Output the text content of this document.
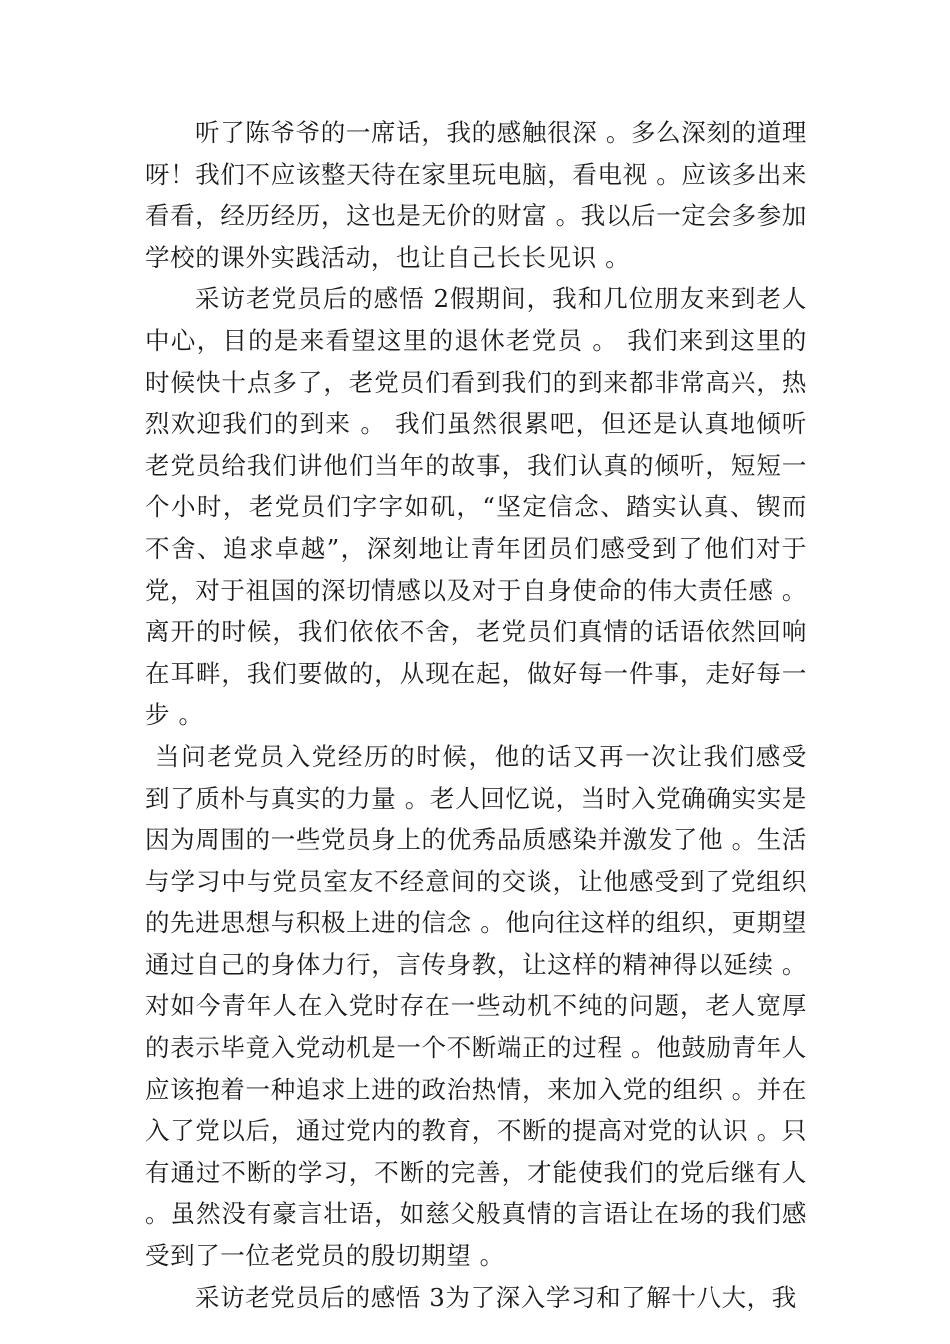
听了陈爷爷的一席话，我的感触很深 。多么深刻的道理呀！我们不应该整天待在家里玩电脑，看电视 。应该多出来看看，经历经历，这也是无价的财富 。我以后一定会多参加学校的课外实践活动，也让自己长长见识 。

采访老党员后的感悟 2假期间，我和几位朋友来到老人中心，目的是来看望这里的退休老党员 。 我们来到这里的时候快十点多了，老党员们看到我们的到来都非常高兴，热烈欢迎我们的到来 。 我们虽然很累吧，但还是认真地倾听老党员给我们讲他们当年的故事，我们认真的倾听，短短一个小时，老党员们字字如矶，“坚定信念、踏实认真、锲而不舍、追求卓越”，深刻地让青年团员们感受到了他们对于党，对于祖国的深切情感以及对于自身使命的伟大责任感 。离开的时候，我们依依不舍，老党员们真情的话语依然回响在耳畔，我们要做的，从现在起，做好每一件事，走好每一步 。

当问老党员入党经历的时候，他的话又再一次让我们感受到了质朴与真实的力量 。老人回忆说，当时入党确确实实是因为周围的一些党员身上的优秀品质感染并激发了他 。生活与学习中与党员室友不经意间的交谈，让他感受到了党组织的先进思想与积极上进的信念 。他向往这样的组织，更期望通过自己的身体力行，言传身教，让这样的精神得以延续 。对如今青年人在入党时存在一些动机不纯的问题，老人宽厚的表示毕竟入党动机是一个不断端正的过程 。他鼓励青年人应该抱着一种追求上进的政治热情，来加入党的组织 。并在入了党以后，通过党内的教育，不断的提高对党的认识 。只有通过不断的学习，不断的完善，才能使我们的党后继有人 。虽然没有豪言壮语，如慈父般真情的言语让在场的我们感受到了一位老党员的殷切期望 。

采访老党员后的感悟 3为了深入学习和了解十八大，我
